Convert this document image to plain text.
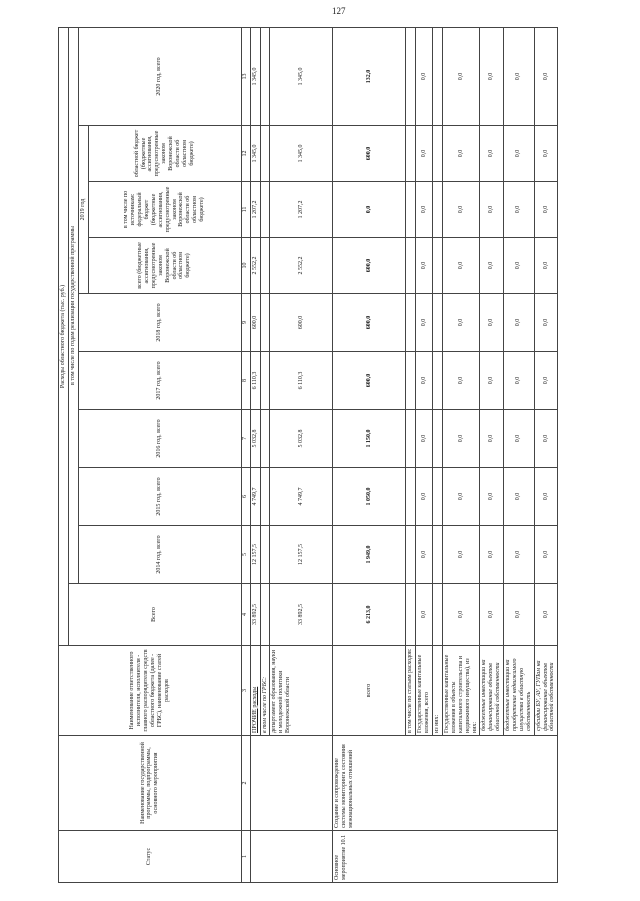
127
Статус	Наименование государственной программы, подпрограммы, основного мероприятия	Наименование ответственного исполнителя, исполнителя - главного распорядителя средств областного бюджета (далее - ГРБС), наименование статей расходов	Расходы областного бюджета (тыс. руб.)									
			Всего	в том числе по годам реализации государственной программы								
				2014 год, всего	2015 год, всего	2016 год, всего	2017 год, всего	2018 год, всего	2019 год			2020 год, всего
									всего (бюджетные ассигнования, предусмотренные законом Воронежской области об областном бюджете)	в том числе по источникам: федеральный бюджет (бюджетные ассигнования, предусмотренные законом Воронежской области об областном бюджете)	областной бюджет (бюджетные ассигнования, предусмотренные законом Воронежской области об областном бюджете)	
1	2	3	4	5	6	7	8	9	10	11	12	13
		ПРОЧИЕ расходы	33 892,5	12 157,5	4 749,7	5 032,8	6 110,3	600,0	2 552,2	1 207,2	1 345,0	1 345,0
		в том числе по ГРБС:										
		департамент образования, науки и молодежной политики Воронежской области	33 892,5	12 157,5	4 749,7	5 032,8	6 110,3	600,0	2 552,2	1 207,2	1 345,0	1 345,0
Основное мероприятие 10.1	Создание и сопровождение системы мониторинга состояния межнациональных отношений	всего	6 213,0	1 949,0	1 050,0	1 150,0	600,0	600,0	600,0	0,0	600,0	132,0
		в том числе по статьям расходов:										
		Государственные капитальные вложения, всего	0,0	0,0	0,0	0,0	0,0	0,0	0,0	0,0	0,0	0,0
		из них:										
		Государственные капитальные вложения в объекты капитального строительства и недвижимого имущества), из них:	0,0	0,0	0,0	0,0	0,0	0,0	0,0	0,0	0,0	0,0
		бюджетные инвестиции на финансирование объектов областной собственности	0,0	0,0	0,0	0,0	0,0	0,0	0,0	0,0	0,0	0,0
		бюджетные инвестиции на приобретение недвижимого имущества в областную собственность	0,0	0,0	0,0	0,0	0,0	0,0	0,0	0,0	0,0	0,0
		субсидии БУ, АУ, ГУПам на финансирование объектов областной собственности	0,0	0,0	0,0	0,0	0,0	0,0	0,0	0,0	0,0	0,0
